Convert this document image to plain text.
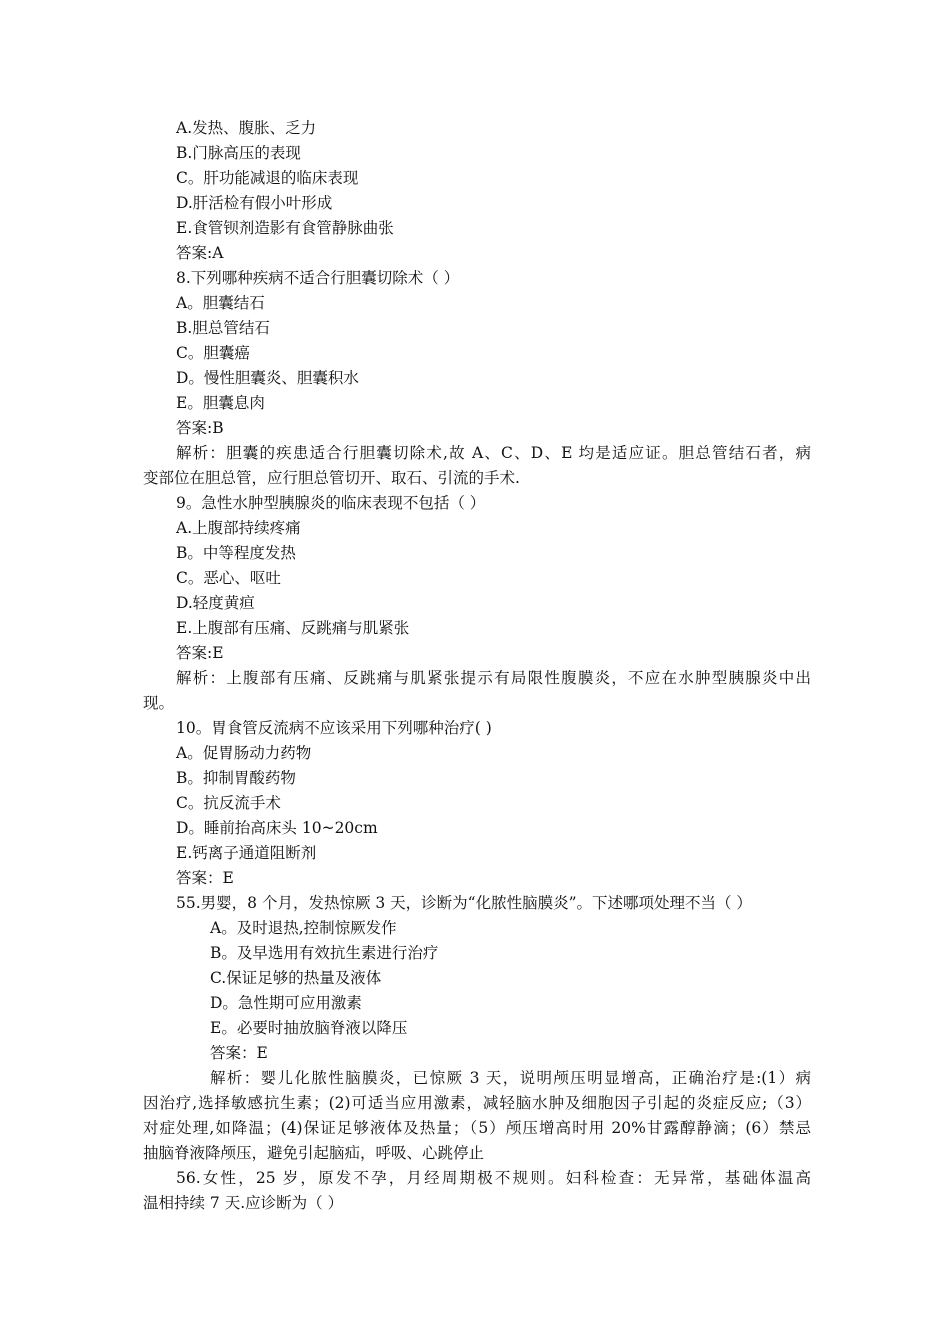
A.发热、腹胀、乏力
B.门脉高压的表现
C。肝功能减退的临床表现
D.肝活检有假小叶形成
E.食管钡剂造影有食管静脉曲张
答案:A
8.下列哪种疾病不适合行胆囊切除术（ ）
A。胆囊结石
B.胆总管结石
C。胆囊癌
D。慢性胆囊炎、胆囊积水
E。胆囊息肉
答案:B
解析：胆囊的疾患适合行胆囊切除术,故 A、C、D、E 均是适应证。胆总管结石者，病
变部位在胆总管，应行胆总管切开、取石、引流的手术.
9。急性水肿型胰腺炎的临床表现不包括（ ）
A.上腹部持续疼痛
B。中等程度发热
C。恶心、呕吐
D.轻度黄疸
E.上腹部有压痛、反跳痛与肌紧张
答案:E
解析：上腹部有压痛、反跳痛与肌紧张提示有局限性腹膜炎，不应在水肿型胰腺炎中出
现。
10。胃食管反流病不应该采用下列哪种治疗( )
A。促胃肠动力药物
B。抑制胃酸药物
C。抗反流手术
D。睡前抬高床头 10~20cm
E.钙离子通道阻断剂
答案：E
55.男婴，8 个月，发热惊厥 3 天，诊断为“化脓性脑膜炎”。下述哪项处理不当（ ）
A。及时退热,控制惊厥发作
B。及早选用有效抗生素进行治疗
C.保证足够的热量及液体
D。急性期可应用激素
E。必要时抽放脑脊液以降压
答案：E
解析：婴儿化脓性脑膜炎，已惊厥 3 天，说明颅压明显增高，正确治疗是:(1）病
因治疗,选择敏感抗生素；(2)可适当应用激素，减轻脑水肿及细胞因子引起的炎症反应;（3）
对症处理,如降温；(4)保证足够液体及热量；（5）颅压增高时用 20%甘露醇静滴；(6）禁忌
抽脑脊液降颅压，避免引起脑疝，呼吸、心跳停止
56.女性，25 岁，原发不孕，月经周期极不规则。妇科检查：无异常，基础体温高
温相持续 7 天.应诊断为（ ）
